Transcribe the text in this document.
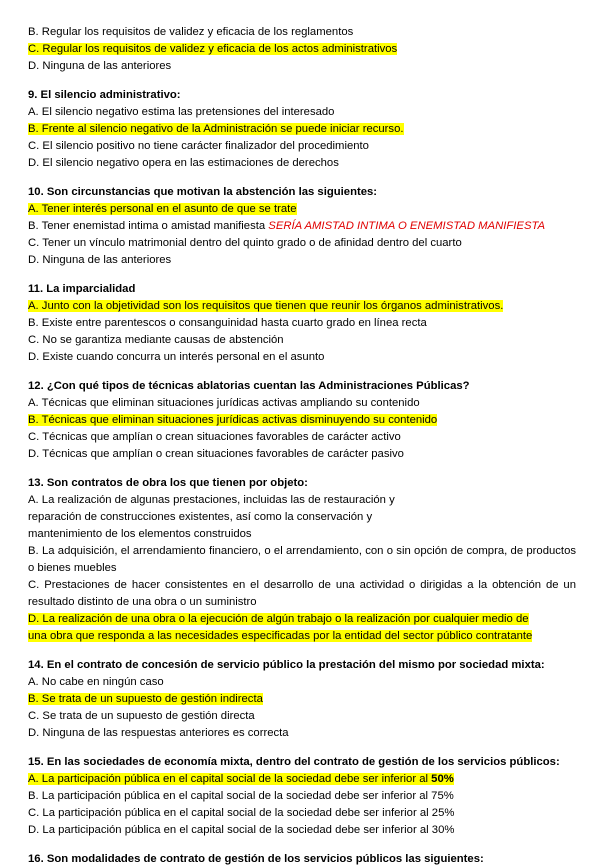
B. Regular los requisitos de validez y eficacia de los reglamentos
C. Regular los requisitos de validez y eficacia de los actos administrativos
D. Ninguna de las anteriores
9. El silencio administrativo:
A. El silencio negativo estima las pretensiones del interesado
B. Frente al silencio negativo de la Administración se puede iniciar recurso.
C. El silencio positivo no tiene carácter finalizador del procedimiento
D. El silencio negativo opera en las estimaciones de derechos
10. Son circunstancias que motivan la abstención las siguientes:
A. Tener interés personal en el asunto de que se trate
B. Tener enemistad intima o amistad manifiesta SERÍA AMISTAD INTIMA O ENEMISTAD MANIFIESTA
C. Tener un vínculo matrimonial dentro del quinto grado o de afinidad dentro del cuarto
D. Ninguna de las anteriores
11. La imparcialidad
A. Junto con la objetividad son los requisitos que tienen que reunir los órganos administrativos.
B. Existe entre parentescos o consanguinidad hasta cuarto grado en línea recta
C. No se garantiza mediante causas de abstención
D. Existe cuando concurra un interés personal en el asunto
12. ¿Con qué tipos de técnicas ablatorias cuentan las Administraciones Públicas?
A. Técnicas que eliminan situaciones jurídicas activas ampliando su contenido
B. Técnicas que eliminan situaciones jurídicas activas disminuyendo su contenido
C. Técnicas que amplían o crean situaciones favorables de carácter activo
D. Técnicas que amplían o crean situaciones favorables de carácter pasivo
13. Son contratos de obra los que tienen por objeto:
A. La realización de algunas prestaciones, incluidas las de restauración y
reparación de construcciones existentes, así como la conservación y
mantenimiento de los elementos construidos
B. La adquisición, el arrendamiento financiero, o el arrendamiento, con o sin opción de compra, de productos o bienes muebles
C. Prestaciones de hacer consistentes en el desarrollo de una actividad o dirigidas a la obtención de un resultado distinto de una obra o un suministro
D. La realización de una obra o la ejecución de algún trabajo o la realización por cualquier medio de
una obra que responda a las necesidades especificadas por la entidad del sector público contratante
14. En el contrato de concesión de servicio público la prestación del mismo por sociedad mixta:
A. No cabe en ningún caso
B. Se trata de un supuesto de gestión indirecta
C. Se trata de un supuesto de gestión directa
D. Ninguna de las respuestas anteriores es correcta
15. En las sociedades de economía mixta, dentro del contrato de gestión de los servicios públicos:
A. La participación pública en el capital social de la sociedad debe ser inferior al 50%
B. La participación pública en el capital social de la sociedad debe ser inferior al 75%
C. La participación pública en el capital social de la sociedad debe ser inferior al 25%
D. La participación pública en el capital social de la sociedad debe ser inferior al 30%
16. Son modalidades de contrato de gestión de los servicios públicos las siguientes:
